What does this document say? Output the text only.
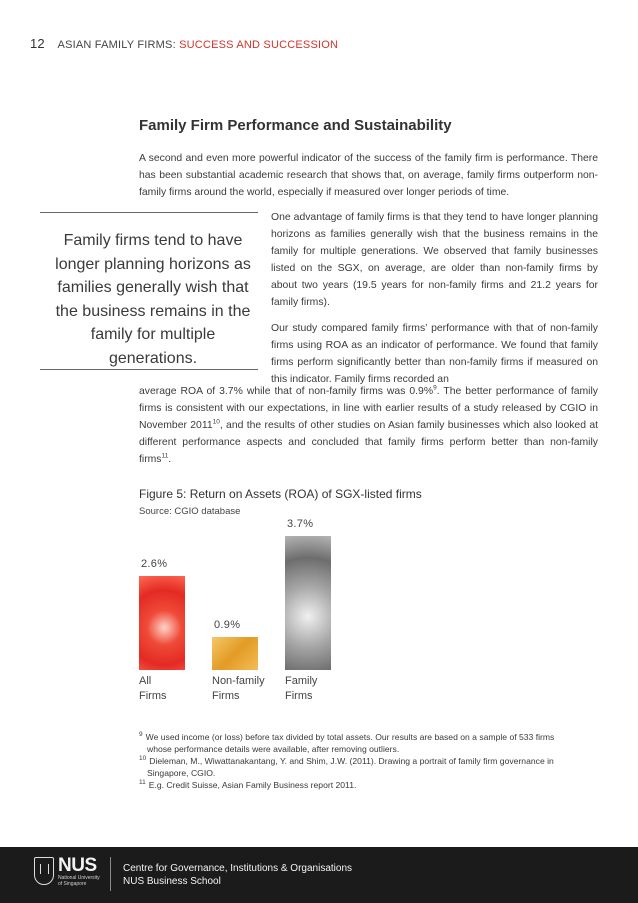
12 ASIAN FAMILY FIRMS: SUCCESS AND SUCCESSION
Family Firm Performance and Sustainability
A second and even more powerful indicator of the success of the family firm is performance. There has been substantial academic research that shows that, on average, family firms outperform non-family firms around the world, especially if measured over longer periods of time.
Family firms tend to have longer planning horizons as families generally wish that the business remains in the family for multiple generations.
One advantage of family firms is that they tend to have longer planning horizons as families generally wish that the business remains in the family for multiple generations. We observed that family businesses listed on the SGX, on average, are older than non-family firms by about two years (19.5 years for non-family firms and 21.2 years for family firms).
Our study compared family firms’ performance with that of non-family firms using ROA as an indicator of performance. We found that family firms perform significantly better than non-family firms if measured on this indicator. Family firms recorded an
average ROA of 3.7% while that of non-family firms was 0.9%$^9$. The better performance of family firms is consistent with our expectations, in line with earlier results of a study released by CGIO in November 2011$^{10}$, and the results of other studies on Asian family businesses which also looked at different performance aspects and concluded that family firms perform better than non-family firms$^{11}$.
Figure 5: Return on Assets (ROA) of SGX-listed firms
Source: CGIO database
2.6%
0.9%
3.7%
All
Firms
Non-family
Firms
Family
Firms
$^9$ We used income (or loss) before tax divided by total assets. Our results are based on a sample of 533 firms
whose performance details were available, after removing outliers.
$^{10}$ Dieleman, M., Wiwattanakantang, Y. and Shim, J.W. (2011). Drawing a portrait of family firm governance in
Singapore, CGIO.
$^{11}$ E.g. Credit Suisse, Asian Family Business report 2011.
NUS
National University of Singapore
Centre for Governance, Institutions & Organisations
NUS Business School
